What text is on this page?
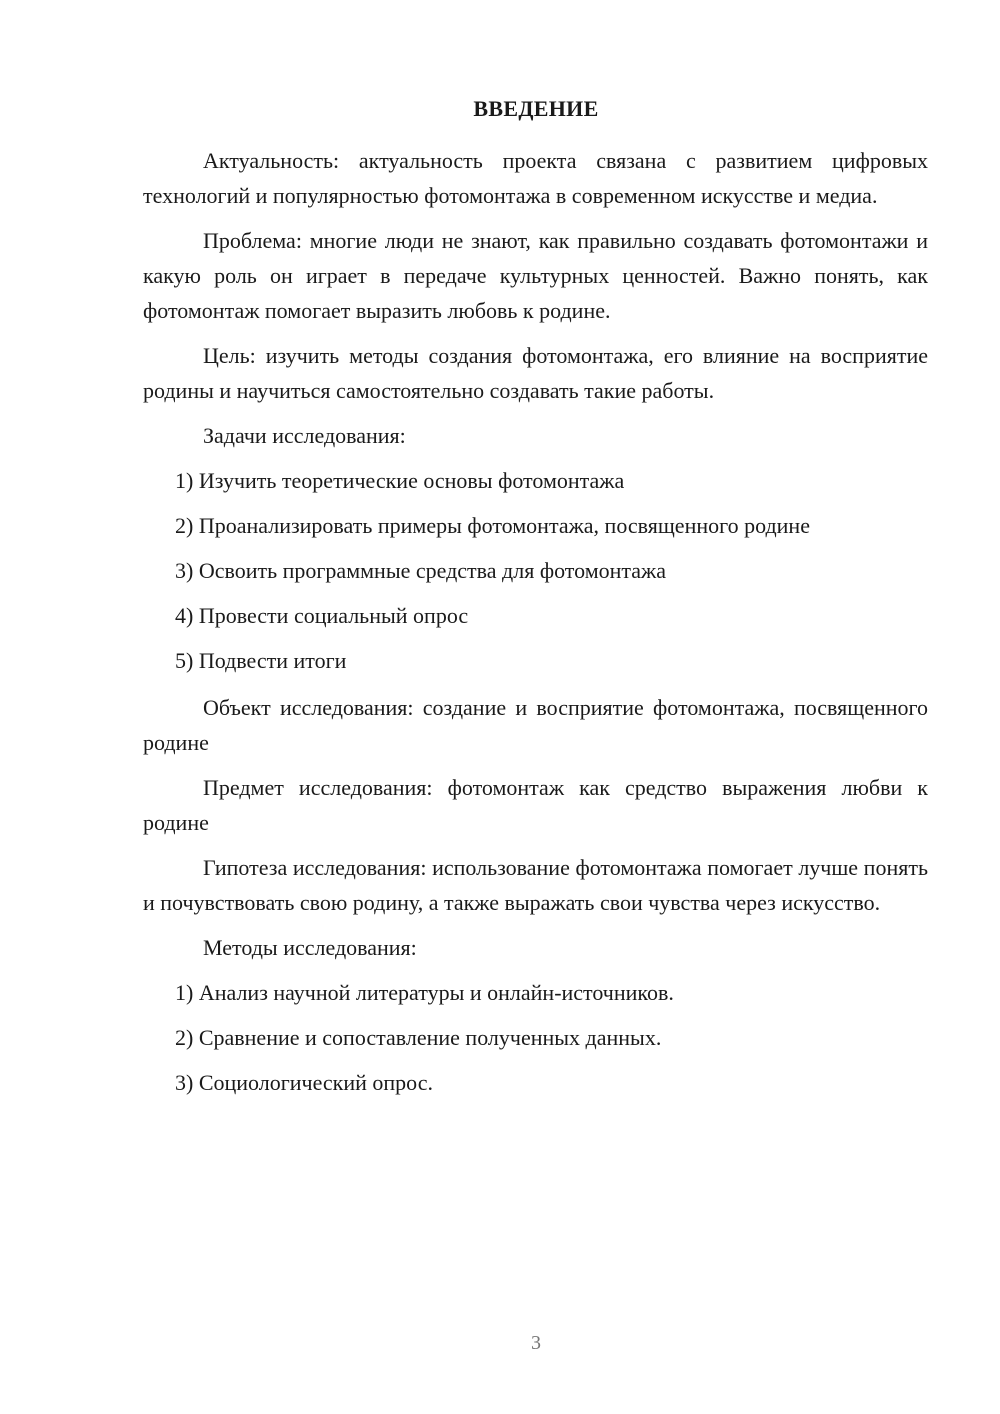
ВВЕДЕНИЕ

Актуальность: актуальность проекта связана с развитием цифровых технологий и популярностью фотомонтажа в современном искусстве и медиа.

Проблема: многие люди не знают, как правильно создавать фотомонтажи и какую роль он играет в передаче культурных ценностей. Важно понять, как фотомонтаж помогает выразить любовь к родине.

Цель: изучить методы создания фотомонтажа, его влияние на восприятие родины и научиться самостоятельно создавать такие работы.

Задачи исследования:

1) Изучить теоретические основы фотомонтажа
2) Проанализировать примеры фотомонтажа, посвященного родине
3) Освоить программные средства для фотомонтажа
4) Провести социальный опрос
5) Подвести итоги

Объект исследования: создание и восприятие фотомонтажа, посвященного родине

Предмет исследования: фотомонтаж как средство выражения любви к родине

Гипотеза исследования: использование фотомонтажа помогает лучше понять и почувствовать свою родину, а также выражать свои чувства через искусство.

Методы исследования:

1) Анализ научной литературы и онлайн-источников.
2) Сравнение и сопоставление полученных данных.
3) Социологический опрос.
3
